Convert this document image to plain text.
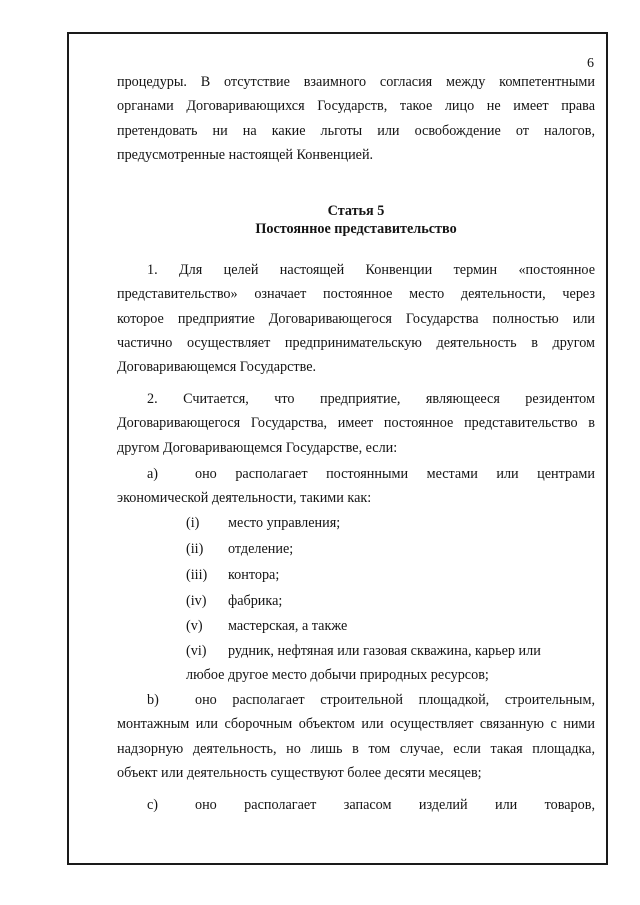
6
процедуры. В отсутствие взаимного согласия между компетентными
органами Договаривающихся Государств, такое лицо не имеет права
претендовать ни на какие льготы или освобождение от налогов,
предусмотренные настоящей Конвенцией.
Статья 5
Постоянное представительство
1. Для целей настоящей Конвенции термин «постоянное
представительство» означает постоянное место деятельности, через
которое предприятие Договаривающегося Государства полностью или
частично осуществляет предпринимательскую деятельность в другом
Договаривающемся Государстве.
2. Считается, что предприятие, являющееся резидентом
Договаривающегося Государства, имеет постоянное представительство в
другом Договаривающемся Государстве, если:
a)	оно располагает постоянными местами или центрами
экономической деятельности, такими как:
(i) место управления;
(ii) отделение;
(iii) контора;
(iv) фабрика;
(v) мастерская, а также
(vi) рудник, нефтяная или газовая скважина, карьер или
любое другое место добычи природных ресурсов;
b)	оно располагает строительной площадкой, строительным,
монтажным или сборочным объектом или осуществляет связанную с ними
надзорную деятельность, но лишь в том случае, если такая площадка,
объект или деятельность существуют более десяти месяцев;
c)	оно располагает запасом изделий или товаров,
